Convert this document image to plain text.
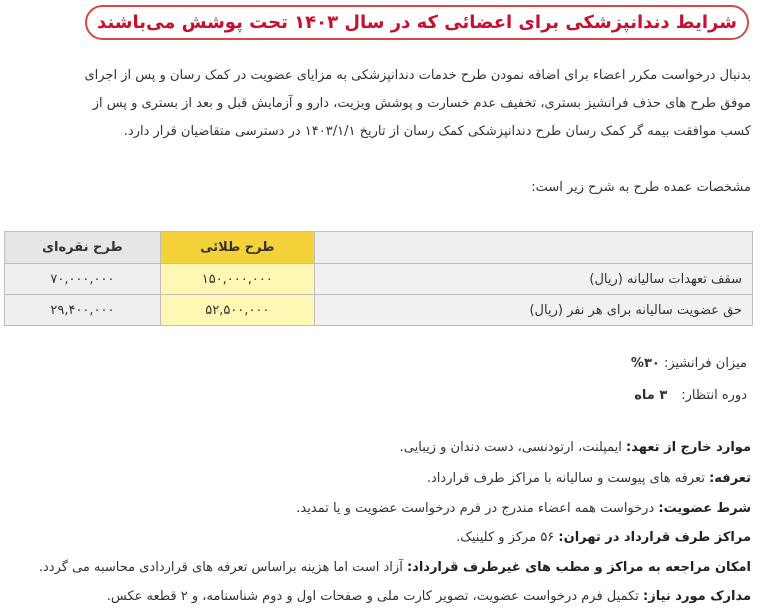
شرایط دندانپزشکی برای اعضائی که در سال ۱۴۰۳ تحت پوشش می‌باشند
بدنبال درخواست مکرر اعضاء برای اضافه نمودن طرح خدمات دندانپزشکی به مزایای عضویت در کمک رسان و پس از اجرای
موفق طرح های حذف فرانشیز بستری، تخفیف عدم خسارت و پوشش ویزیت، دارو و آزمایش قبل و بعد از بستری و پس از
کسب موافقت بیمه گر کمک رسان طرح دندانپزشکی کمک رسان از تاریخ ۱۴۰۳/۱/۱ در دسترسی متقاضیان قرار دارد.
مشخصات عمده طرح به شرح زیر است:
	طرح طلائی	طرح نقره‌ای
سقف تعهدات سالیانه (ریال)	۱۵۰,۰۰۰,۰۰۰	۷۰,۰۰۰,۰۰۰
حق عضویت سالیانه برای هر نفر (ریال)	۵۲,۵۰۰,۰۰۰	۲۹,۴۰۰,۰۰۰
میزان فرانشیز: ۳۰%
دوره انتظار:۳ ماه
موارد خارج از تعهد: ایمپلنت، ارتودنسی، دست دندان و زیبایی.
تعرفه: تعرفه های پیوست و سالیانه با مراکز طرف قرارداد.
شرط عضویت: درخواست همه اعضاء مندرج در فرم درخواست عضویت و یا تمدید.
مراکز طرف قرارداد در تهران: ۵۶ مرکز و کلینیک.
امکان مراجعه به مراکز و مطب های غیرطرف قرارداد: آزاد است اما هزینه براساس تعرفه های قراردادی محاسبه می گردد.
مدارک مورد نیاز: تکمیل فرم درخواست عضویت، تصویر کارت ملی و صفحات اول و دوم شناسنامه، و ۲ قطعه عکس.
